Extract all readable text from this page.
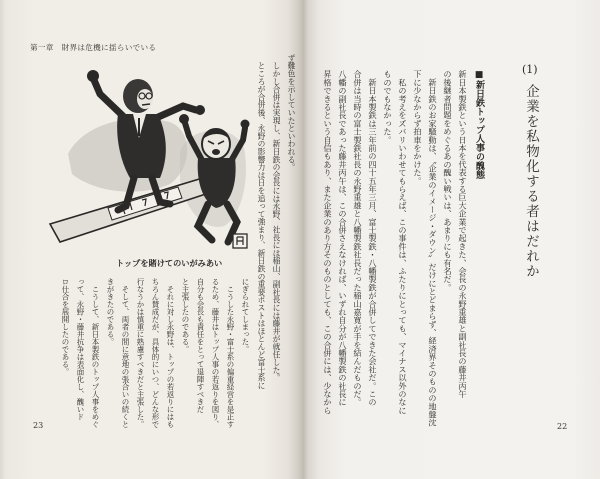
第一章　財界は危機に揺らいでいる
トップを賭けてのいがみあい
ず難色を示していたといわれる。
　しかし合併は実現し、新日鉄の会長には永野、社長には稲山、副社長には藤井が就任した。
　ところが合併後、永野の影響力は日を追って強まり、新日鉄の重要ポストはほとんど富士系に
にぎられてしまった。
　こうした永野・富士系の偏重経営を是正す
るため、藤井はトップ人事の若返りを図り、
自分も会長も責任をとって退陣すべきだ
と主張したのである。
　それに対し永野は、トップの若返りにはも
ちろん賛成だが、具体的にいつ、どんな形で
行なうかは慎重に熟慮すべきだと主張した。
　そして、両者の間に意地の張合いの続くと
きがきたのである。
　こうして、新日本製鉄のトップ人事をめぐ
って、永野・藤井抗争は表面化し、醜いド
ロ仕合を展開したのである。
23
(1)
企業を私物化する者はだれか
■新日鉄トップ人事の醜態
新日本製鉄という日本を代表する巨大企業で起きた、会長の永野重雄と副社長の藤井丙午
の後継者問題をめぐるあの醜い戦いは、あまりにも有名だ。
　新日鉄のお家騒動は、〝企業のイメージ・ダウン〟だけにとどまらず、経済界そのものの地盤沈
下に少なからず拍車をかけた。
　私の考えをズバリいわせてもらえば、この事件は、ふたりにとっても、マイナス以外のなに
ものでもなかった。
　新日本製鉄は三年前の四十五年三月、富士製鉄・八幡製鉄が合併してできた会社だ。この
合併は当時の富士製鉄社長の永野重雄と八幡製鉄社長だった稲山嘉寛が手を結んだものだ。
八幡の副社長であった藤井丙午は、この合併さえなければ、いずれ自分が八幡製鉄の社長に
昇格できるという自信もあり、また企業のあり方そのものとしても、この合併には、少なから
22
